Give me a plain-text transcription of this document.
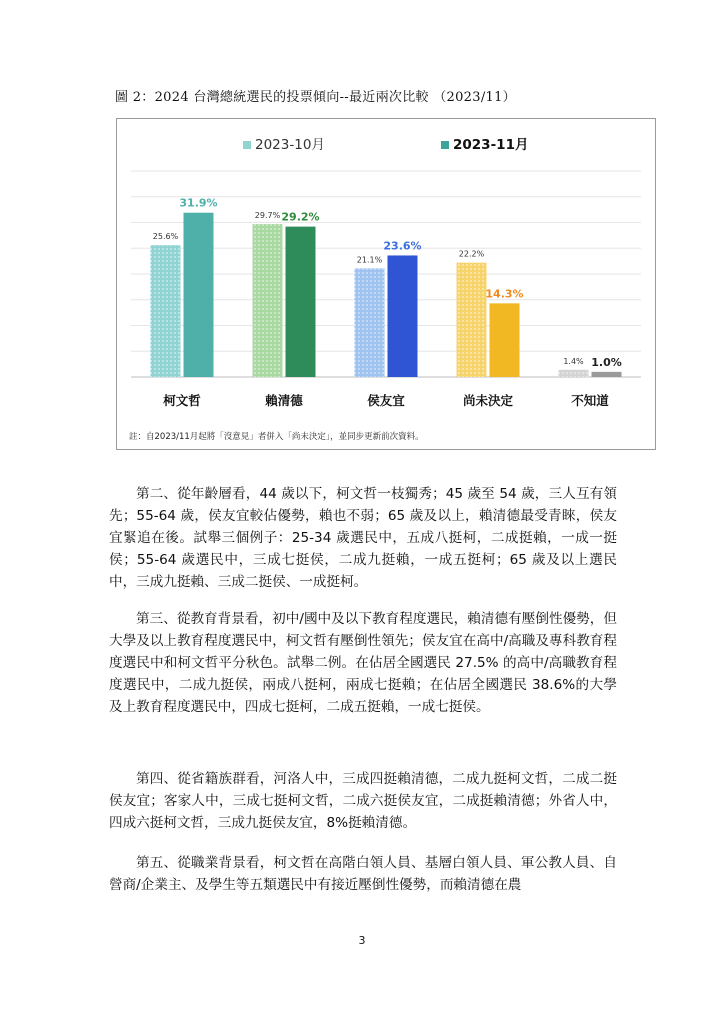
圖 2：2024 台灣總統選民的投票傾向--最近兩次比較 （2023/11）
25.6%
31.9%
29.7% 29.2%
21.1%
23.6%
22.2%
14.3%
1.4% 1.0%
柯文哲	賴清德	侯友宜	尚未決定	不知道
2023-10月	2023-11月
註：自2023/11月起將「沒意見」者併入「尚未決定」，並同步更新前次資料。

第二、從年齡層看，44 歲以下，柯文哲一枝獨秀；45 歲至 54 歲，三人互有領先；55-64 歲，侯友宜較佔優勢，賴也不弱；65 歲及以上，賴清德最受青睞，侯友宜緊追在後。試舉三個例子：25-34 歲選民中，五成八挺柯，二成挺賴，一成一挺侯；55-64 歲選民中，三成七挺侯，二成九挺賴，一成五挺柯；65 歲及以上選民中，三成九挺賴、三成二挺侯、一成挺柯。

第三、從教育背景看，初中/國中及以下教育程度選民，賴清德有壓倒性優勢，但大學及以上教育程度選民中，柯文哲有壓倒性領先；侯友宜在高中/高職及專科教育程度選民中和柯文哲平分秋色。試舉二例。在佔居全國選民 27.5% 的高中/高職教育程度選民中，二成九挺侯，兩成八挺柯，兩成七挺賴；在佔居全國選民 38.6%的大學及上教育程度選民中，四成七挺柯，二成五挺賴，一成七挺侯。

第四、從省籍族群看，河洛人中，三成四挺賴清德，二成九挺柯文哲，二成二挺侯友宜；客家人中，三成七挺柯文哲，二成六挺侯友宜，二成挺賴清德；外省人中，四成六挺柯文哲，三成九挺侯友宜，8%挺賴清德。

第五、從職業背景看，柯文哲在高階白領人員、基層白領人員、軍公教人員、自營商/企業主、及學生等五類選民中有接近壓倒性優勢，而賴清德在農

3
